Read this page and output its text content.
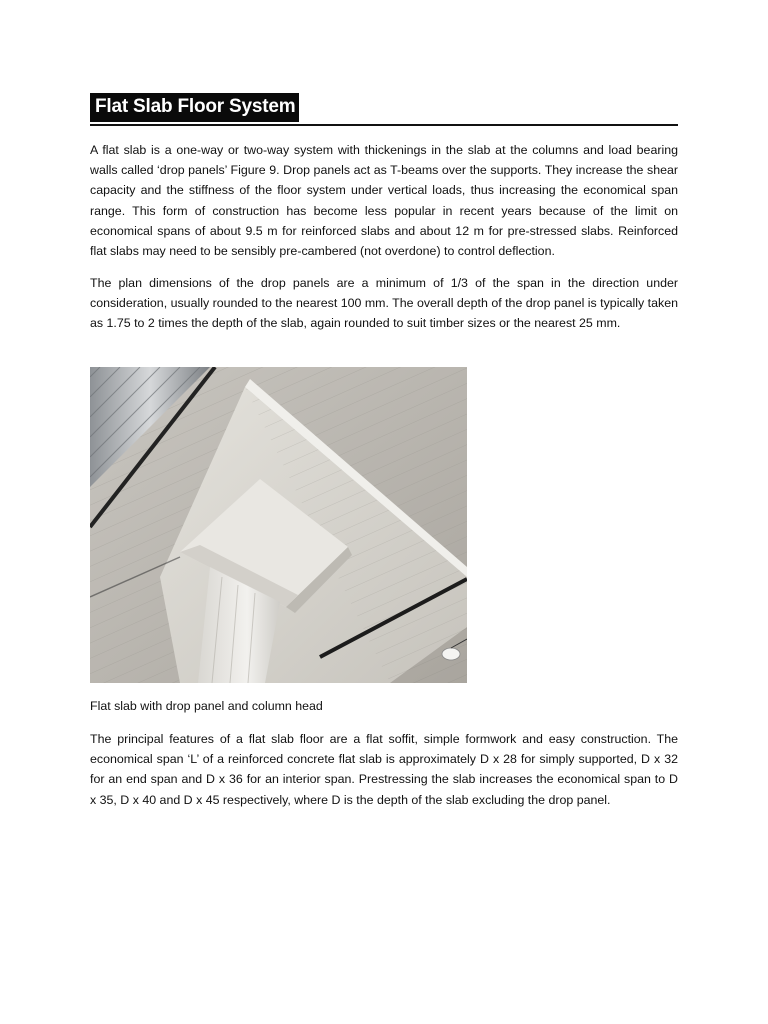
Flat Slab Floor System

A flat slab is a one-way or two-way system with thickenings in the slab at the columns and load bearing walls called ‘drop panels’ Figure 9. Drop panels act as T-beams over the supports. They increase the shear capacity and the stiffness of the floor system under vertical loads, thus increasing the economical span range. This form of construction has become less popular in recent years because of the limit on economical spans of about 9.5 m for reinforced slabs and about 12 m for pre-stressed slabs. Reinforced flat slabs may need to be sensibly pre-cambered (not overdone) to control deflection.

The plan dimensions of the drop panels are a minimum of 1/3 of the span in the direction under consideration, usually rounded to the nearest 100 mm. The overall depth of the drop panel is typically taken as 1.75 to 2 times the depth of the slab, again rounded to suit timber sizes or the nearest 25 mm.

Flat slab with drop panel and column head

The principal features of a flat slab floor are a flat soffit, simple formwork and easy construction. The economical span ‘L’ of a reinforced concrete flat slab is approximately D x 28 for simply supported, D x 32 for an end span and D x 36 for an interior span. Prestressing the slab increases the economical span to D x 35, D x 40 and D x 45 respectively, where D is the depth of the slab excluding the drop panel.
